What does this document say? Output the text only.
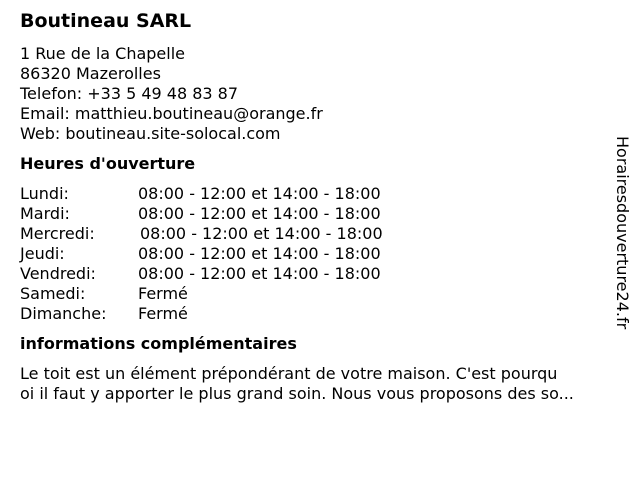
Boutineau SARL
1 Rue de la Chapelle
86320 Mazerolles
Telefon: +33 5 49 48 83 87
Email: matthieu.boutineau@orange.fr
Web: boutineau.site-solocal.com
Heures d'ouverture
Lundi:	08:00 - 12:00 et 14:00 - 18:00
Mardi:	08:00 - 12:00 et 14:00 - 18:00
Mercredi:	08:00 - 12:00 et 14:00 - 18:00
Jeudi:	08:00 - 12:00 et 14:00 - 18:00
Vendredi:	08:00 - 12:00 et 14:00 - 18:00
Samedi:	Fermé
Dimanche:	Fermé
informations complémentaires
Le toit est un élément prépondérant de votre maison. C'est pourqu
oi il faut y apporter le plus grand soin. Nous vous proposons des so...
Horairesdouverture24.fr
